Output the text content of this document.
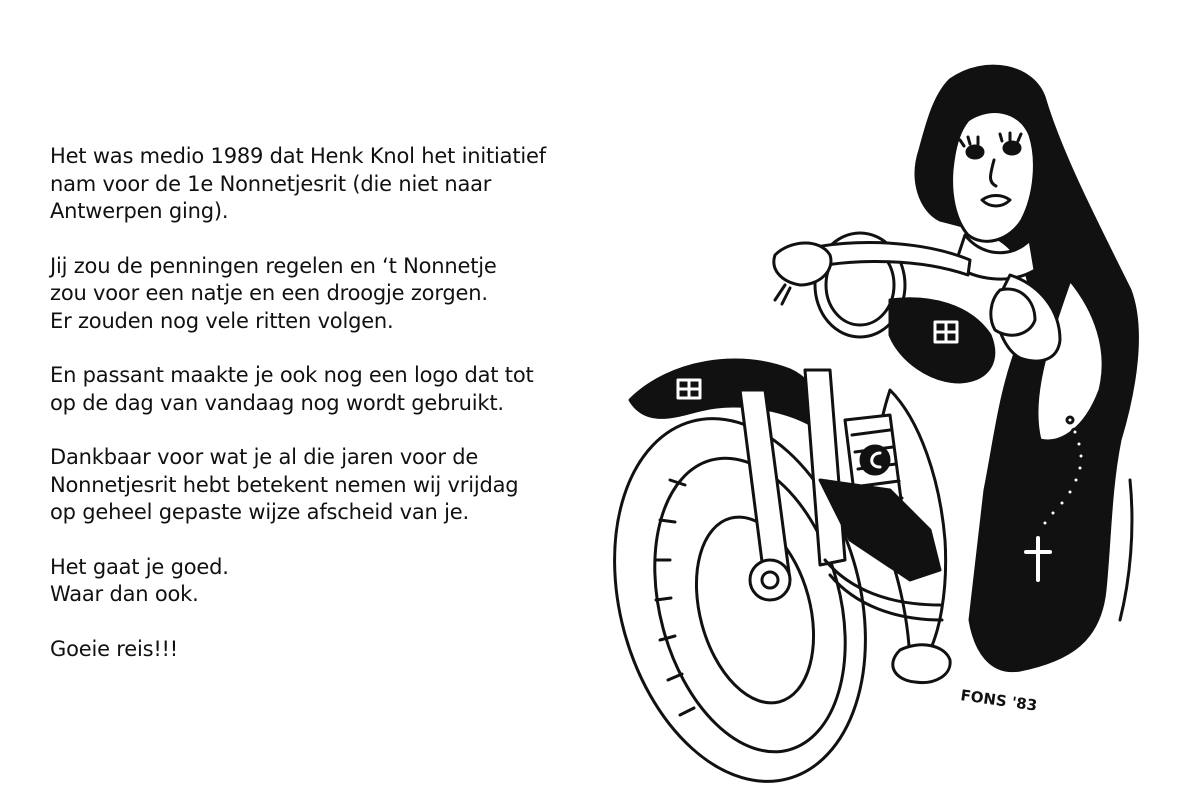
Het was medio 1989 dat Henk Knol het initiatief
nam voor de 1e Nonnetjesrit (die niet naar
Antwerpen ging).

Jij zou de penningen regelen en ‘t Nonnetje
zou voor een natje en een droogje zorgen.
Er zouden nog vele ritten volgen.

En passant maakte je ook nog een logo dat tot
op de dag van vandaag nog wordt gebruikt.

Dankbaar voor wat je al die jaren voor de
Nonnetjesrit hebt betekent nemen wij vrijdag
op geheel gepaste wijze afscheid van je.

Het gaat je goed.
Waar dan ook.

Goeie reis!!!

FONS '83
